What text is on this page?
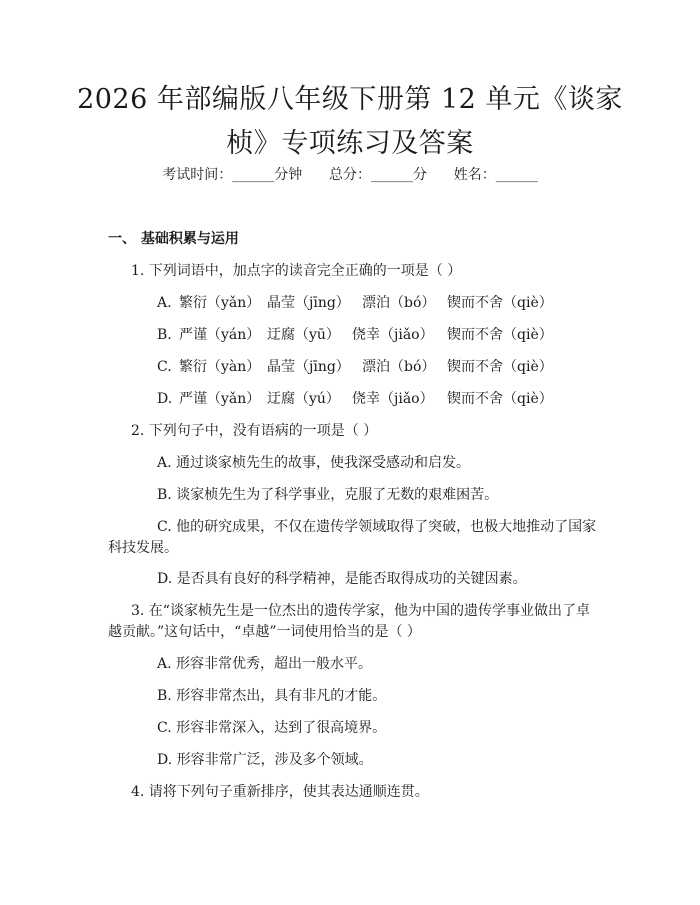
2026 年部编版八年级下册第 12 单元《谈家
桢》专项练习及答案
考试时间：______分钟      总分：______分      姓名：______
一、 基础积累与运用
1. 下列词语中，加点字的读音完全正确的一项是（ ）
A. 繁衍（yǎn） 晶莹（jīng） 漂泊（bó） 锲而不舍（qiè）
B. 严谨（yán） 迂腐（yū） 侥幸（jiǎo） 锲而不舍（qiè）
C. 繁衍（yàn） 晶莹（jīng） 漂泊（bó） 锲而不舍（qiè）
D. 严谨（yǎn） 迂腐（yú） 侥幸（jiǎo） 锲而不舍（qiè）
2. 下列句子中，没有语病的一项是（ ）
A. 通过谈家桢先生的故事，使我深受感动和启发。
B. 谈家桢先生为了科学事业，克服了无数的艰难困苦。
C. 他的研究成果，不仅在遗传学领域取得了突破，也极大地推动了国家
科技发展。
D. 是否具有良好的科学精神，是能否取得成功的关键因素。
3. 在“谈家桢先生是一位杰出的遗传学家，他为中国的遗传学事业做出了卓
越贡献。”这句话中，“卓越”一词使用恰当的是（ ）
A. 形容非常优秀，超出一般水平。
B. 形容非常杰出，具有非凡的才能。
C. 形容非常深入，达到了很高境界。
D. 形容非常广泛，涉及多个领域。
4. 请将下列句子重新排序，使其表达通顺连贯。
